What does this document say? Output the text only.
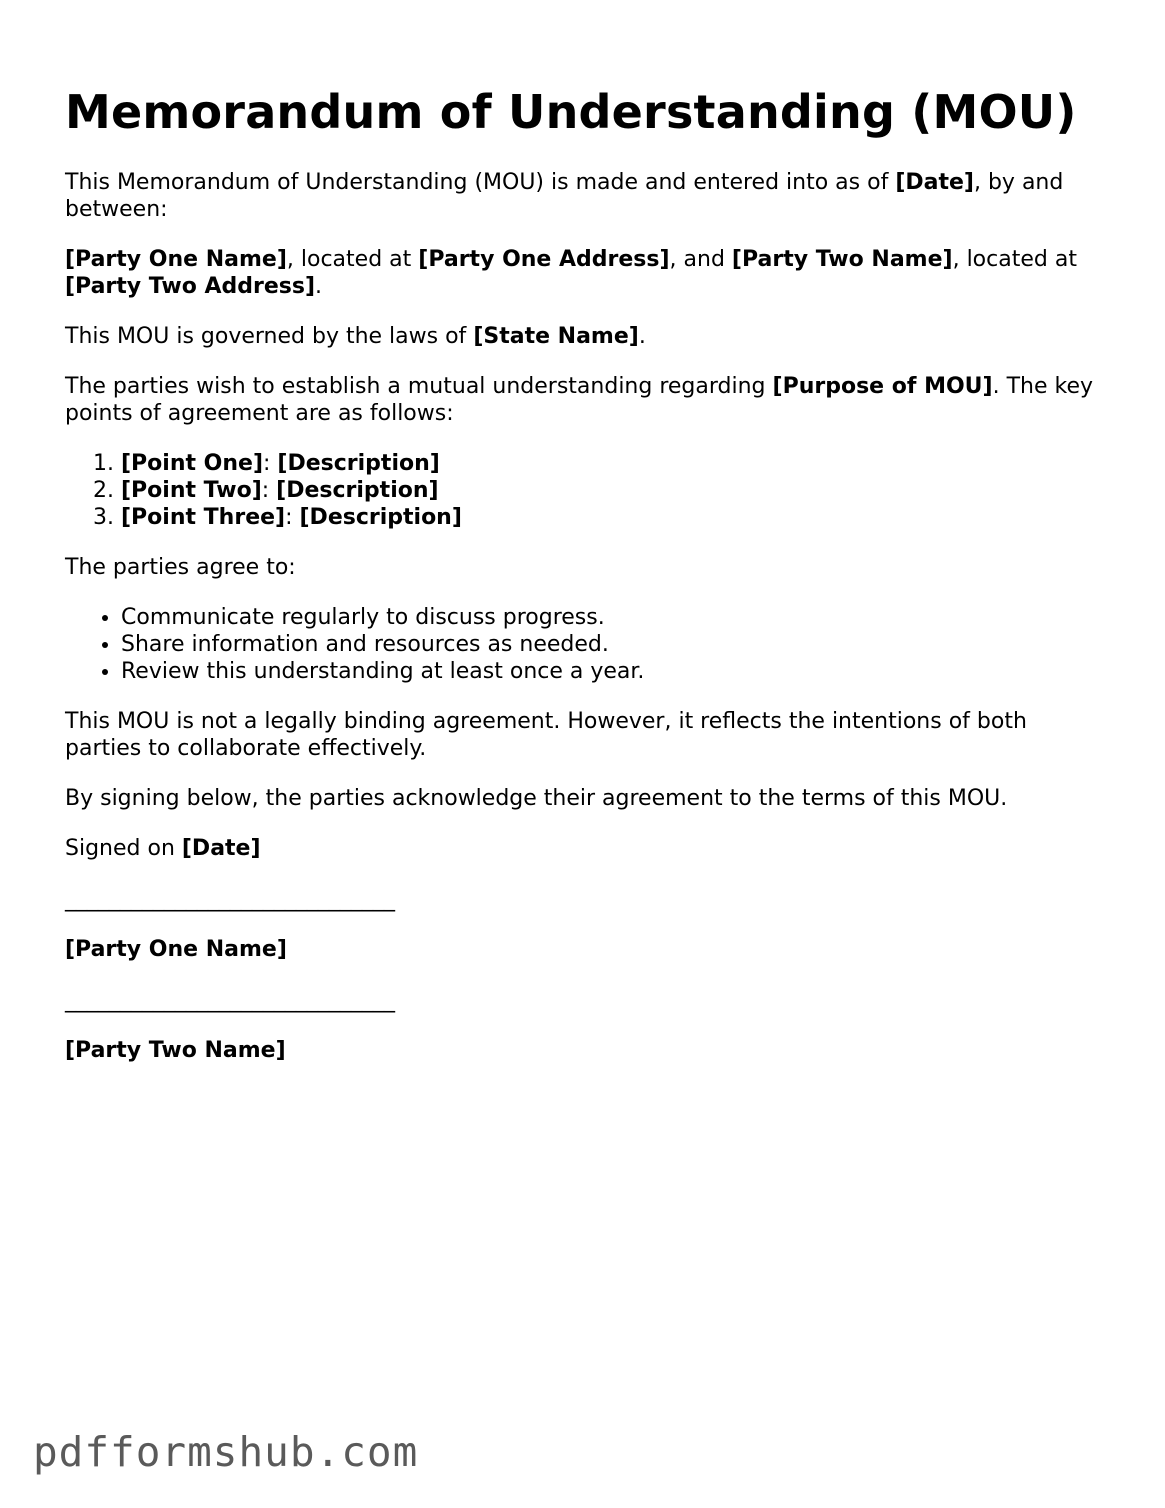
Memorandum of Understanding (MOU)

This Memorandum of Understanding (MOU) is made and entered into as of [Date], by and between:

[Party One Name], located at [Party One Address], and [Party Two Name], located at [Party Two Address].

This MOU is governed by the laws of [State Name].

The parties wish to establish a mutual understanding regarding [Purpose of MOU]. The key points of agreement are as follows:

1. [Point One]: [Description]
2. [Point Two]: [Description]
3. [Point Three]: [Description]

The parties agree to:

• Communicate regularly to discuss progress.
• Share information and resources as needed.
• Review this understanding at least once a year.

This MOU is not a legally binding agreement. However, it reflects the intentions of both parties to collaborate effectively.

By signing below, the parties acknowledge their agreement to the terms of this MOU.

Signed on [Date]

______________________________

[Party One Name]

______________________________

[Party Two Name]

pdfformshub.com
